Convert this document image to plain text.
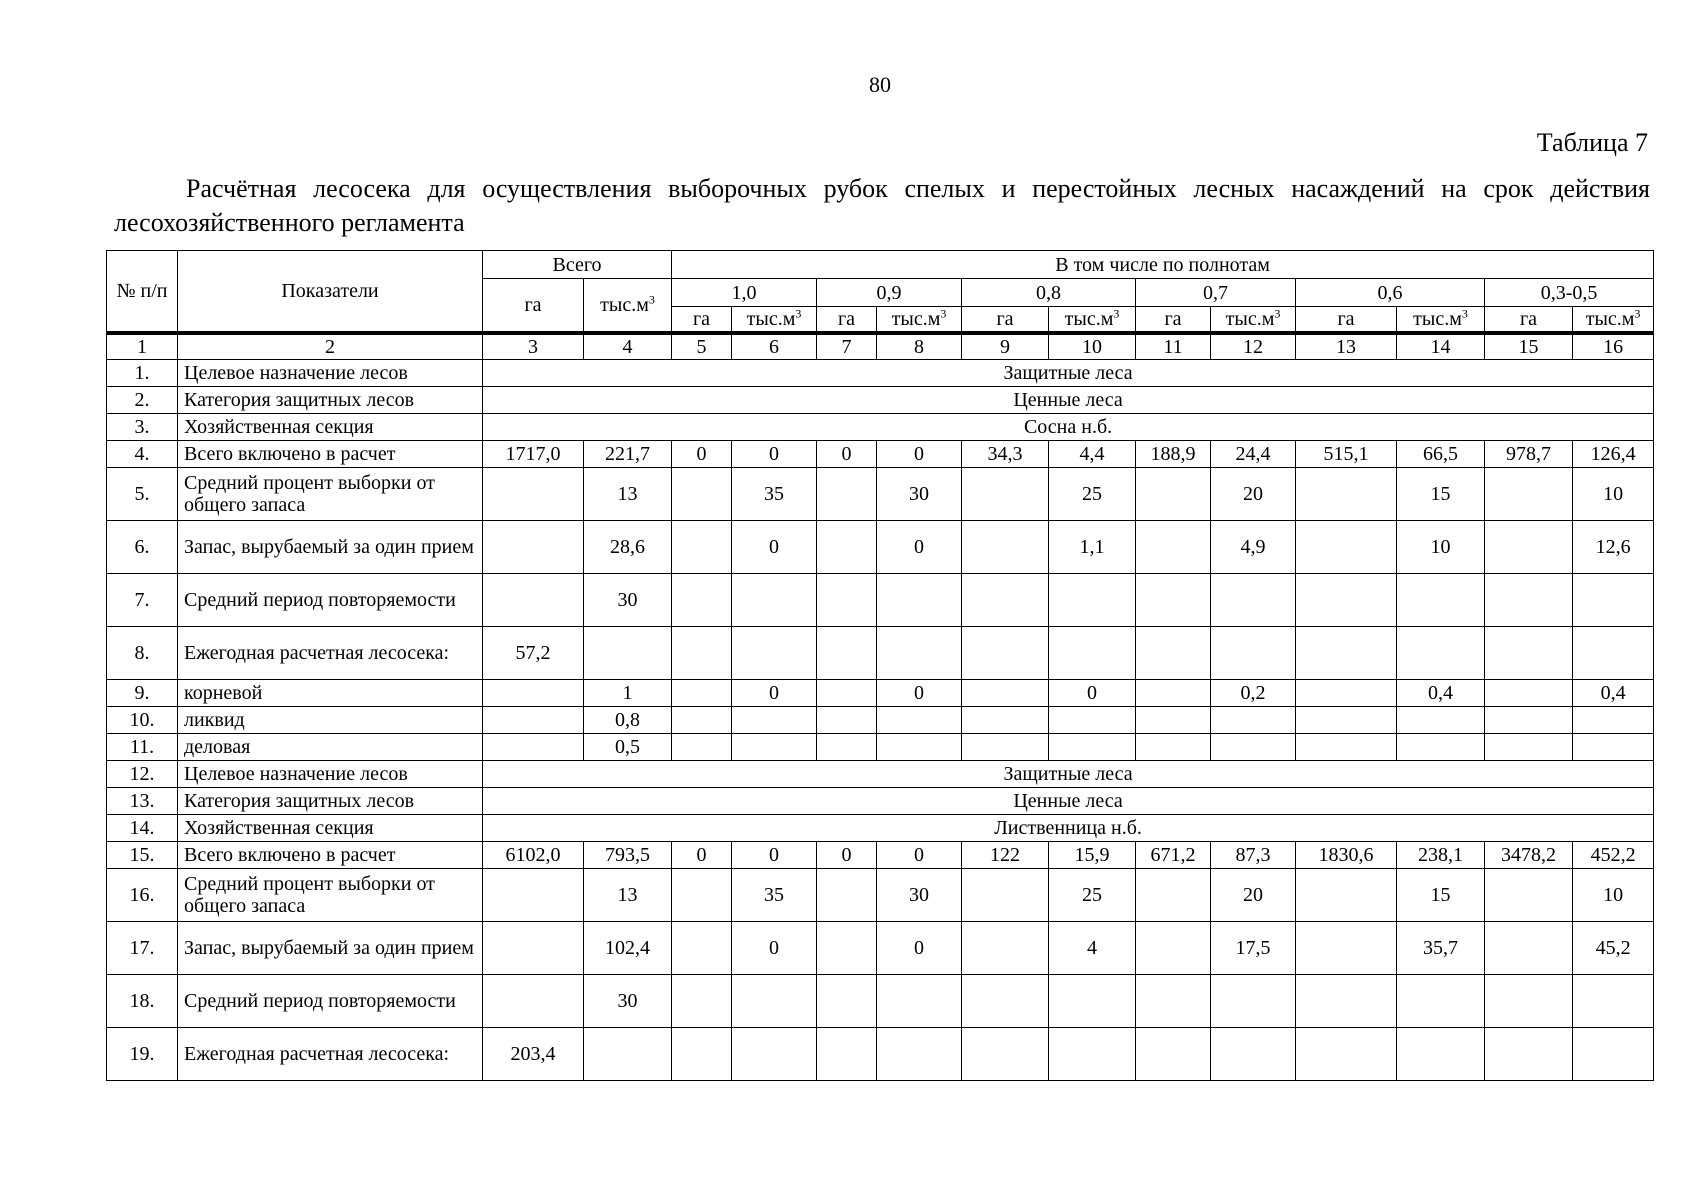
80
Таблица 7
Расчётная лесосека для осуществления выборочных рубок спелых и перестойных лесных насаждений на срок действия лесохозяйственного регламента
№ п/п	Показатели	Всего		В том числе по полнотам											
		га	$тыс.м^3$	1,0		0,9		0,8		0,7		0,6		0,3-0,5	
				га	$тыс.м^3$	га	$тыс.м^3$	га	$тыс.м^3$	га	$тыс.м^3$	га	$тыс.м^3$	га	$тыс.м^3$
1	2	3	4	5	6	7	8	9	10	11	12	13	14	15	16
1.	Целевое назначение лесов	Защитные леса													
2.	Категория защитных лесов	Ценные леса													
3.	Хозяйственная секция	Сосна н.б.													
4.	Всего включено в расчет	1717,0	221,7	0	0	0	0	34,3	4,4	188,9	24,4	515,1	66,5	978,7	126,4
5.	Средний процент выборки от общего запаса		13		35		30		25		20		15		10
6.	Запас, вырубаемый за один прием		28,6		0		0		1,1		4,9		10		12,6
7.	Средний период повторяемости		30												
8.	Ежегодная расчетная лесосека:	57,2													
9.	корневой		1		0		0		0		0,2		0,4		0,4
10.	ликвид		0,8												
11.	деловая		0,5												
12.	Целевое назначение лесов	Защитные леса													
13.	Категория защитных лесов	Ценные леса													
14.	Хозяйственная секция	Лиственница н.б.													
15.	Всего включено в расчет	6102,0	793,5	0	0	0	0	122	15,9	671,2	87,3	1830,6	238,1	3478,2	452,2
16.	Средний процент выборки от общего запаса		13		35		30		25		20		15		10
17.	Запас, вырубаемый за один прием		102,4		0		0		4		17,5		35,7		45,2
18.	Средний период повторяемости		30												
19.	Ежегодная расчетная лесосека:	203,4													
